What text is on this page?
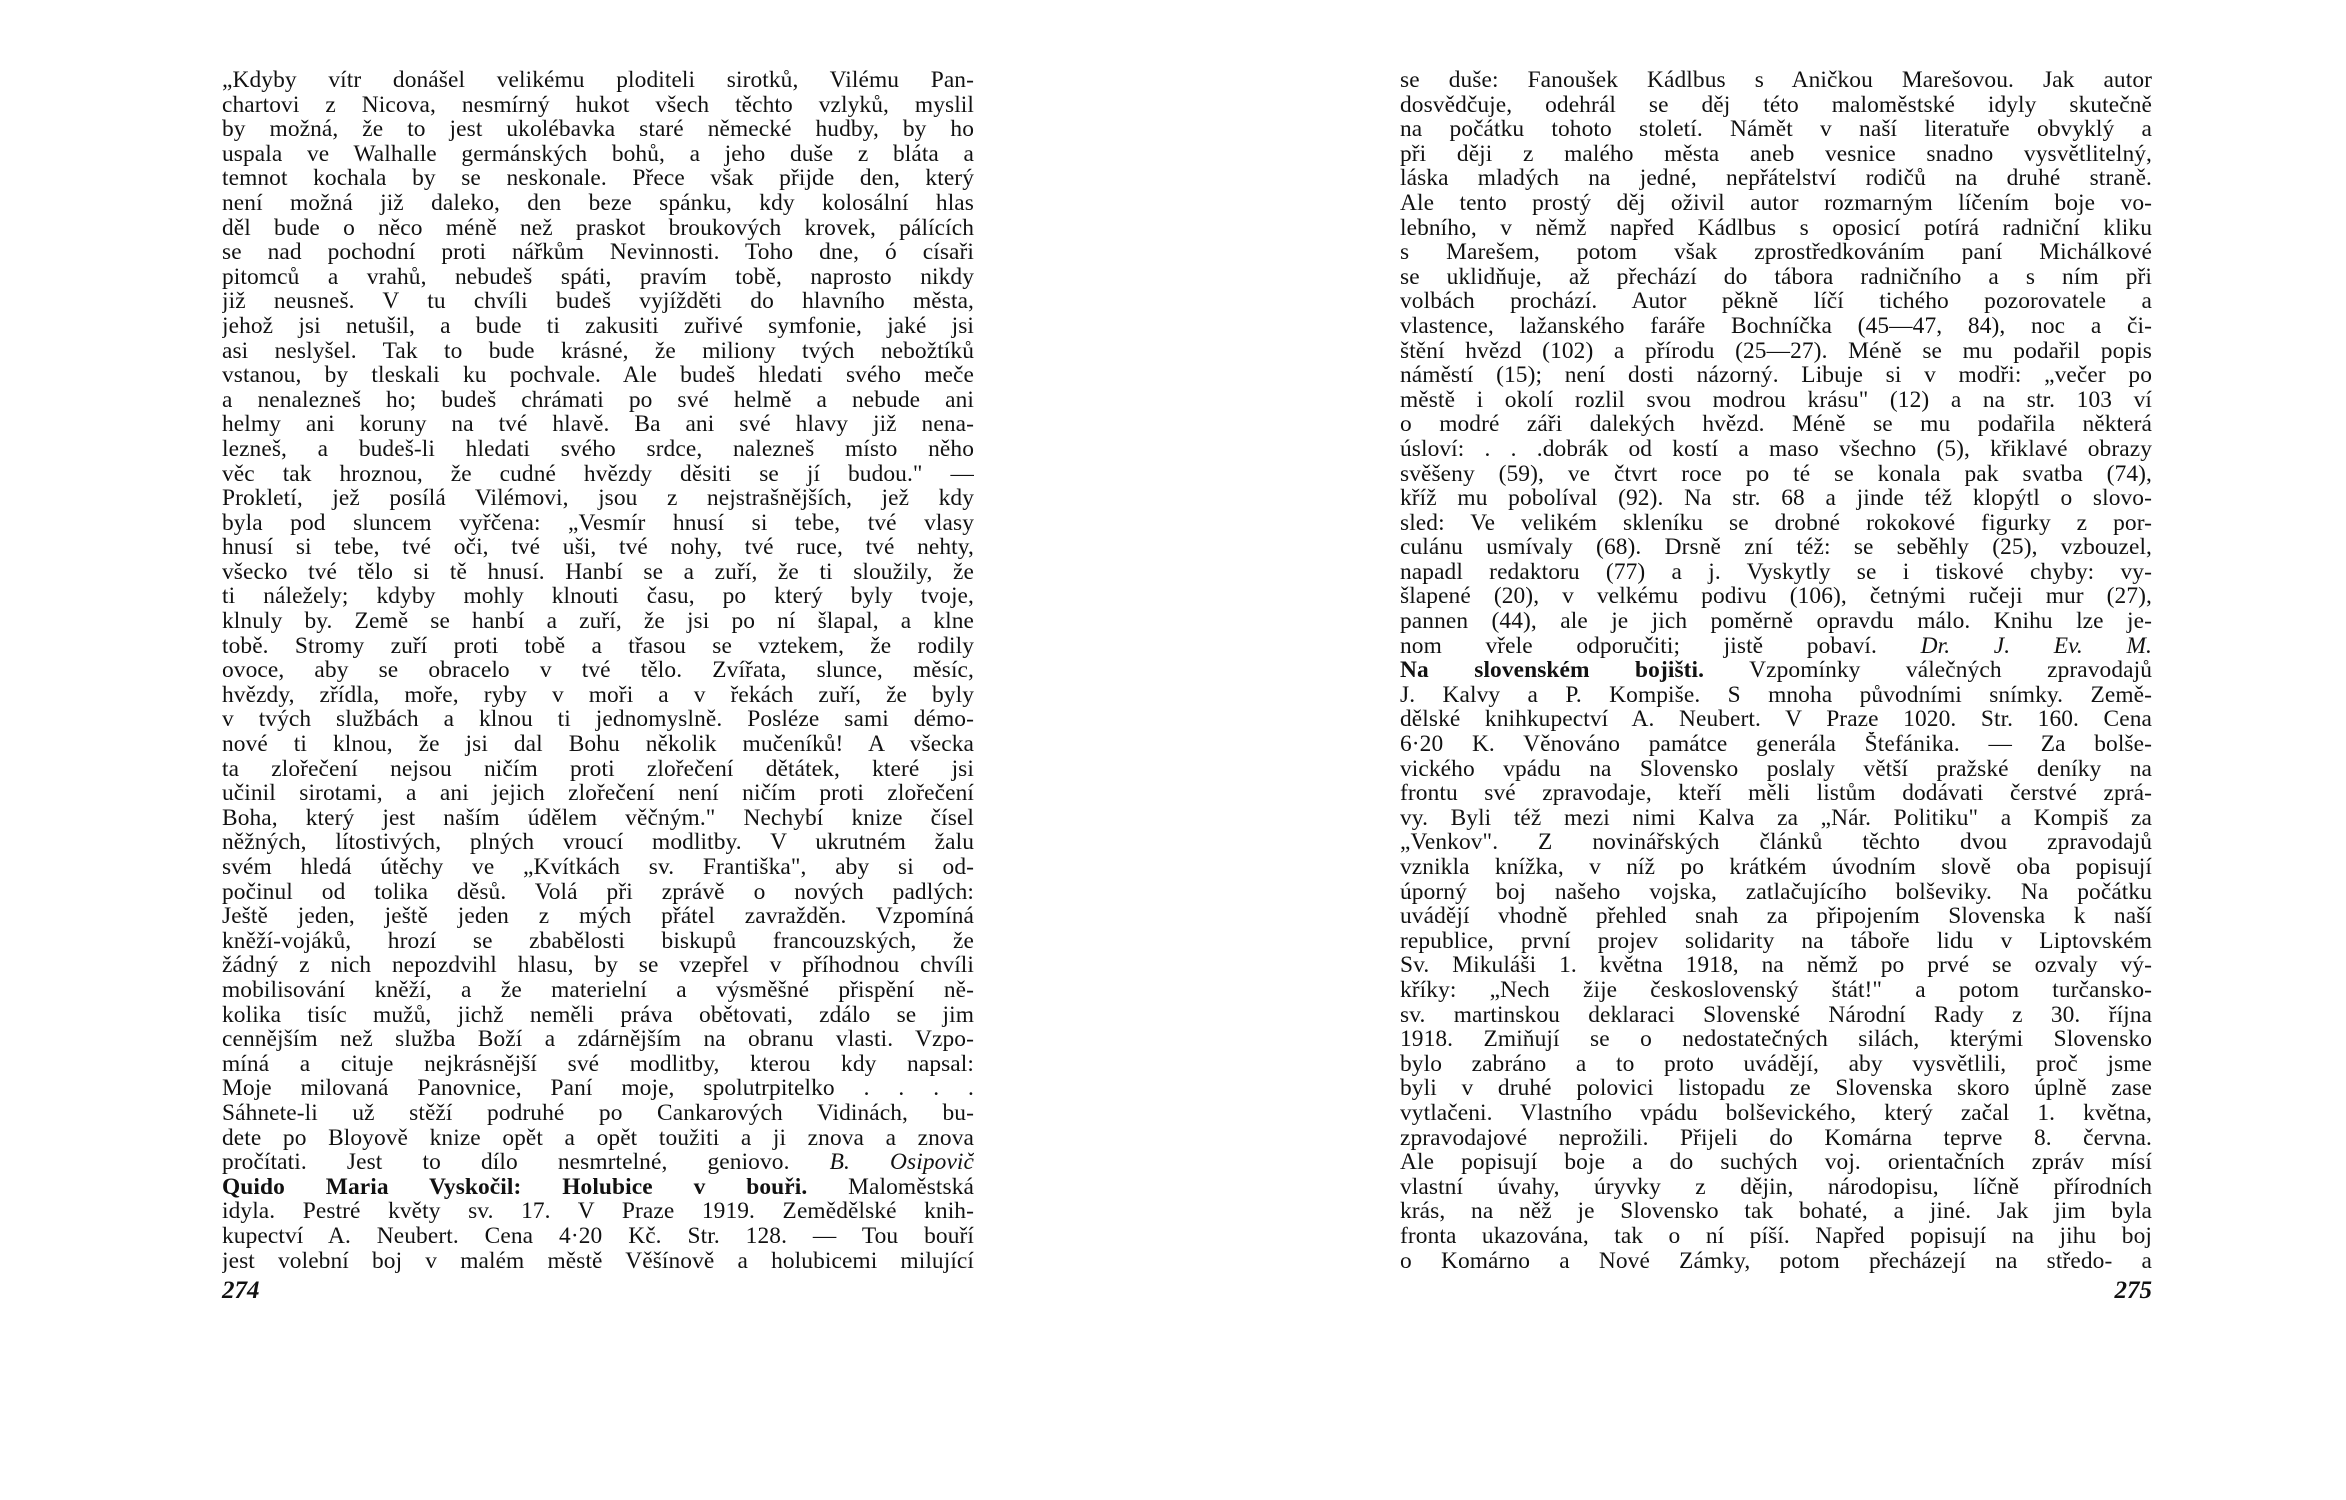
„Kdyby vítr donášel velikému ploditeli sirotků, Vilému Pan-
chartovi z Nicova, nesmírný hukot všech těchto vzlyků, myslil
by možná, že to jest ukolébavka staré německé hudby, by ho
uspala ve Walhalle germánských bohů, a jeho duše z bláta a
temnot kochala by se neskonale. Přece však přijde den, který
není možná již daleko, den beze spánku, kdy kolosální hlas
děl bude o něco méně než praskot broukových krovek, pálících
se nad pochodní proti nářkům Nevinnosti. Toho dne, ó císaři
pitomců a vrahů, nebudeš spáti, pravím tobě, naprosto nikdy
již neusneš. V tu chvíli budeš vyjížděti do hlavního města,
jehož jsi netušil, a bude ti zakusiti zuřivé symfonie, jaké jsi
asi neslyšel. Tak to bude krásné, že miliony tvých nebožtíků
vstanou, by tleskali ku pochvale. Ale budeš hledati svého meče
a nenalezneš ho; budeš chrámati po své helmě a nebude ani
helmy ani koruny na tvé hlavě. Ba ani své hlavy již nena-
lezneš, a budeš-li hledati svého srdce, nalezneš místo něho
věc tak hroznou, že cudné hvězdy děsiti se jí budou." —
Prokletí, jež posílá Vilémovi, jsou z nejstrašnějších, jež kdy
byla pod sluncem vyřčena: „Vesmír hnusí si tebe, tvé vlasy
hnusí si tebe, tvé oči, tvé uši, tvé nohy, tvé ruce, tvé nehty,
všecko tvé tělo si tě hnusí. Hanbí se a zuří, že ti sloužily, že
ti náležely; kdyby mohly klnouti času, po který byly tvoje,
klnuly by. Země se hanbí a zuří, že jsi po ní šlapal, a klne
tobě. Stromy zuří proti tobě a třasou se vztekem, že rodily
ovoce, aby se obracelo v tvé tělo. Zvířata, slunce, měsíc,
hvězdy, zřídla, moře, ryby v moři a v řekách zuří, že byly
v tvých službách a klnou ti jednomyslně. Posléze sami démo-
nové ti klnou, že jsi dal Bohu několik mučeníků! A všecka
ta zlořečení nejsou ničím proti zlořečení dětátek, které jsi
učinil sirotami, a ani jejich zlořečení není ničím proti zlořečení
Boha, který jest naším údělem věčným." Nechybí knize čísel
něžných, lítostivých, plných vroucí modlitby. V ukrutném žalu
svém hledá útěchy ve „Kvítkách sv. Františka", aby si od-
počinul od tolika děsů. Volá při zprávě o nových padlých:
Ještě jeden, ještě jeden z mých přátel zavražděn. Vzpomíná
kněží-vojáků, hrozí se zbabělosti biskupů francouzských, že
žádný z nich nepozdvihl hlasu, by se vzepřel v příhodnou chvíli
mobilisování kněží, a že materielní a výsměšné přispění ně-
kolika tisíc mužů, jichž neměli práva obětovati, zdálo se jim
cennějším než služba Boží a zdárnějším na obranu vlasti. Vzpo-
míná a cituje nejkrásnější své modlitby, kterou kdy napsal:
Moje milovaná Panovnice, Paní moje, spolutrpitelko . . . .
Sáhnete-li už stěží podruhé po Cankarových Vidinách, bu-
dete po Bloyově knize opět a opět toužiti a ji znova a znova
pročítati. Jest to dílo nesmrtelné, geniovo. B. Osipovič
Quido Maria Vyskočil: Holubice v bouři. Maloměstská
idyla. Pestré květy sv. 17. V Praze 1919. Zemědělské knih-
kupectví A. Neubert. Cena 4·20 Kč. Str. 128. — Tou bouří
jest volební boj v malém městě Věšínově a holubicemi milující
274
se duše: Fanoušek Kádlbus s Aničkou Marešovou. Jak autor
dosvědčuje, odehrál se děj této maloměstské idyly skutečně
na počátku tohoto století. Námět v naší literatuře obvyklý a
při ději z malého města aneb vesnice snadno vysvětlitelný,
láska mladých na jedné, nepřátelství rodičů na druhé straně.
Ale tento prostý děj oživil autor rozmarným líčením boje vo-
lebního, v němž napřed Kádlbus s oposicí potírá radniční kliku
s Marešem, potom však zprostředkováním paní Michálkové
se uklidňuje, až přechází do tábora radničního a s ním při
volbách prochází. Autor pěkně líčí tichého pozorovatele a
vlastence, lažanského faráře Bochníčka (45—47, 84), noc a či-
štění hvězd (102) a přírodu (25—27). Méně se mu podařil popis
náměstí (15); není dosti názorný. Libuje si v modři: „večer po
městě i okolí rozlil svou modrou krásu" (12) a na str. 103 ví
o modré záři dalekých hvězd. Méně se mu podařila některá
úsloví: . . .dobrák od kostí a maso všechno (5), křiklavé obrazy
svěšeny (59), ve čtvrt roce po té se konala pak svatba (74),
kříž mu pobolíval (92). Na str. 68 a jinde též klopýtl o slovo-
sled: Ve velikém skleníku se drobné rokokové figurky z por-
culánu usmívaly (68). Drsně zní též: se seběhly (25), vzbouzel,
napadl redaktoru (77) a j. Vyskytly se i tiskové chyby: vy-
šlapené (20), v velkému podivu (106), četnými ručeji mur (27),
pannen (44), ale je jich poměrně opravdu málo. Knihu lze je-
nom vřele odporučiti; jistě pobaví. Dr. J. Ev. M.
Na slovenském bojišti. Vzpomínky válečných zpravodajů
J. Kalvy a P. Kompiše. S mnoha původními snímky. Země-
dělské knihkupectví A. Neubert. V Praze 1020. Str. 160. Cena
6·20 K. Věnováno památce generála Štefánika. — Za bolše-
vického vpádu na Slovensko poslaly větší pražské deníky na
frontu své zpravodaje, kteří měli listům dodávati čerstvé zprá-
vy. Byli též mezi nimi Kalva za „Nár. Politiku" a Kompiš za
„Venkov". Z novinářských článků těchto dvou zpravodajů
vznikla knížka, v níž po krátkém úvodním slově oba popisují
úporný boj našeho vojska, zatlačujícího bolševiky. Na počátku
uvádějí vhodně přehled snah za připojením Slovenska k naší
republice, první projev solidarity na táboře lidu v Liptovském
Sv. Mikuláši 1. května 1918, na němž po prvé se ozvaly vý-
kříky: „Nech žije československý štát!" a potom turčansko-
sv. martinskou deklaraci Slovenské Národní Rady z 30. října
1918. Zmiňují se o nedostatečných silách, kterými Slovensko
bylo zabráno a to proto uvádějí, aby vysvětlili, proč jsme
byli v druhé polovici listopadu ze Slovenska skoro úplně zase
vytlačeni. Vlastního vpádu bolševického, který začal 1. května,
zpravodajové neprožili. Přijeli do Komárna teprve 8. června.
Ale popisují boje a do suchých voj. orientačních zpráv mísí
vlastní úvahy, úryvky z dějin, národopisu, líčně přírodních
krás, na něž je Slovensko tak bohaté, a jiné. Jak jim byla
fronta ukazována, tak o ní píší. Napřed popisují na jihu boj
o Komárno a Nové Zámky, potom přecházejí na středo- a
275
